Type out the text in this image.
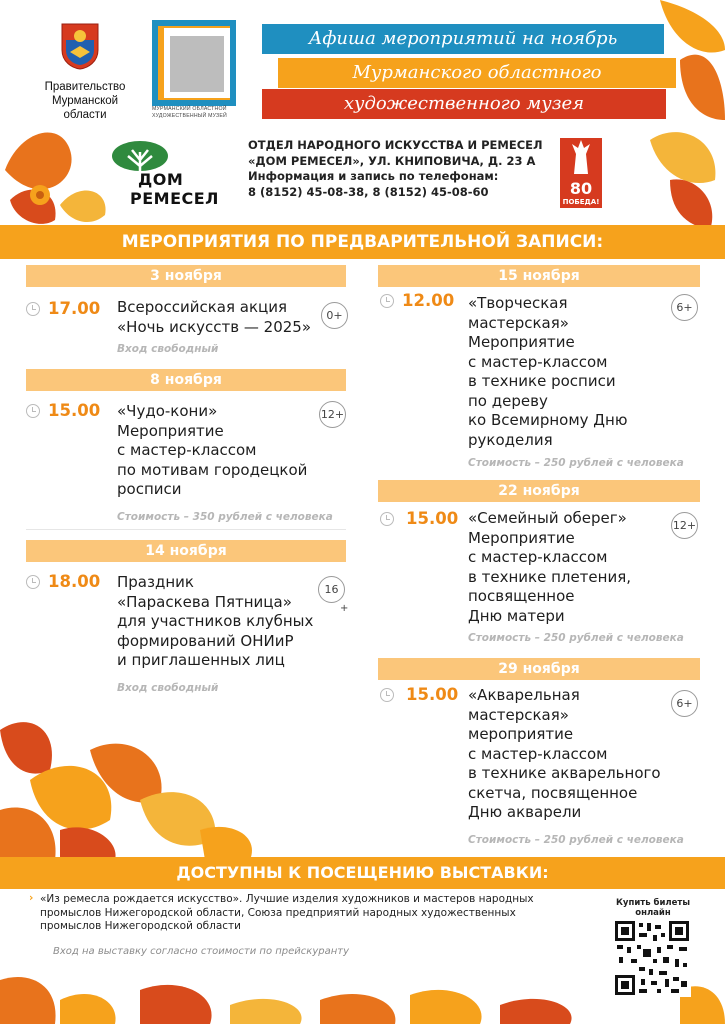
Правительство Мурманской области	МУРМАНСКИЙ ОБЛАСТНОЙ ХУДОЖЕСТВЕННЫЙ МУЗЕЙ
Афиша мероприятий на ноябрь
Мурманского областного
художественного музея
ДОМ
РЕМЕСЕЛ
ОТДЕЛ НАРОДНОГО ИСКУССТВА И РЕМЕСЕЛ
«ДОМ РЕМЕСЕЛ», УЛ. КНИПОВИЧА, Д. 23 А
Информация и запись по телефонам:
8 (8152) 45-08-38, 8 (8152) 45-08-60	80
ПОБЕДА!
МЕРОПРИЯТИЯ ПО ПРЕДВАРИТЕЛЬНОЙ ЗАПИСИ:
3 ноября
17.00 Всероссийская акция
«Ночь искусств — 2025»
0+
Вход свободный
8 ноября
15.00 «Чудо-кони»
Мероприятие
с мастер-классом
по мотивам городецкой
росписи
12+
Стоимость – 350 рублей с человека
14 ноября
18.00 Праздник
«Параскева Пятница»
для участников клубных
формирований ОНИиР
и приглашенных лиц
16
+
Вход свободный
15 ноября
12.00 «Творческая
мастерская»
Мероприятие
с мастер-классом
в технике росписи
по дереву
ко Всемирному Дню
рукоделия
6+
Стоимость – 250 рублей с человека
22 ноября
15.00 «Семейный оберег»
Мероприятие
с мастер-классом
в технике плетения,
посвященное
Дню матери
12+
Стоимость – 250 рублей с человека
29 ноября
15.00 «Акварельная
мастерская»
мероприятие
с мастер-классом
в технике акварельного
скетча, посвященное
Дню акварели
6+
Стоимость – 250 рублей с человека
ДОСТУПНЫ К ПОСЕЩЕНИЮ ВЫСТАВКИ:
› «Из ремесла рождается искусство». Лучшие изделия художников и мастеров народных
промыслов Нижегородской области, Союза предприятий народных художественных
промыслов Нижегородской области
Вход на выставку согласно стоимости по прейскуранту
Купить билеты
онлайн
